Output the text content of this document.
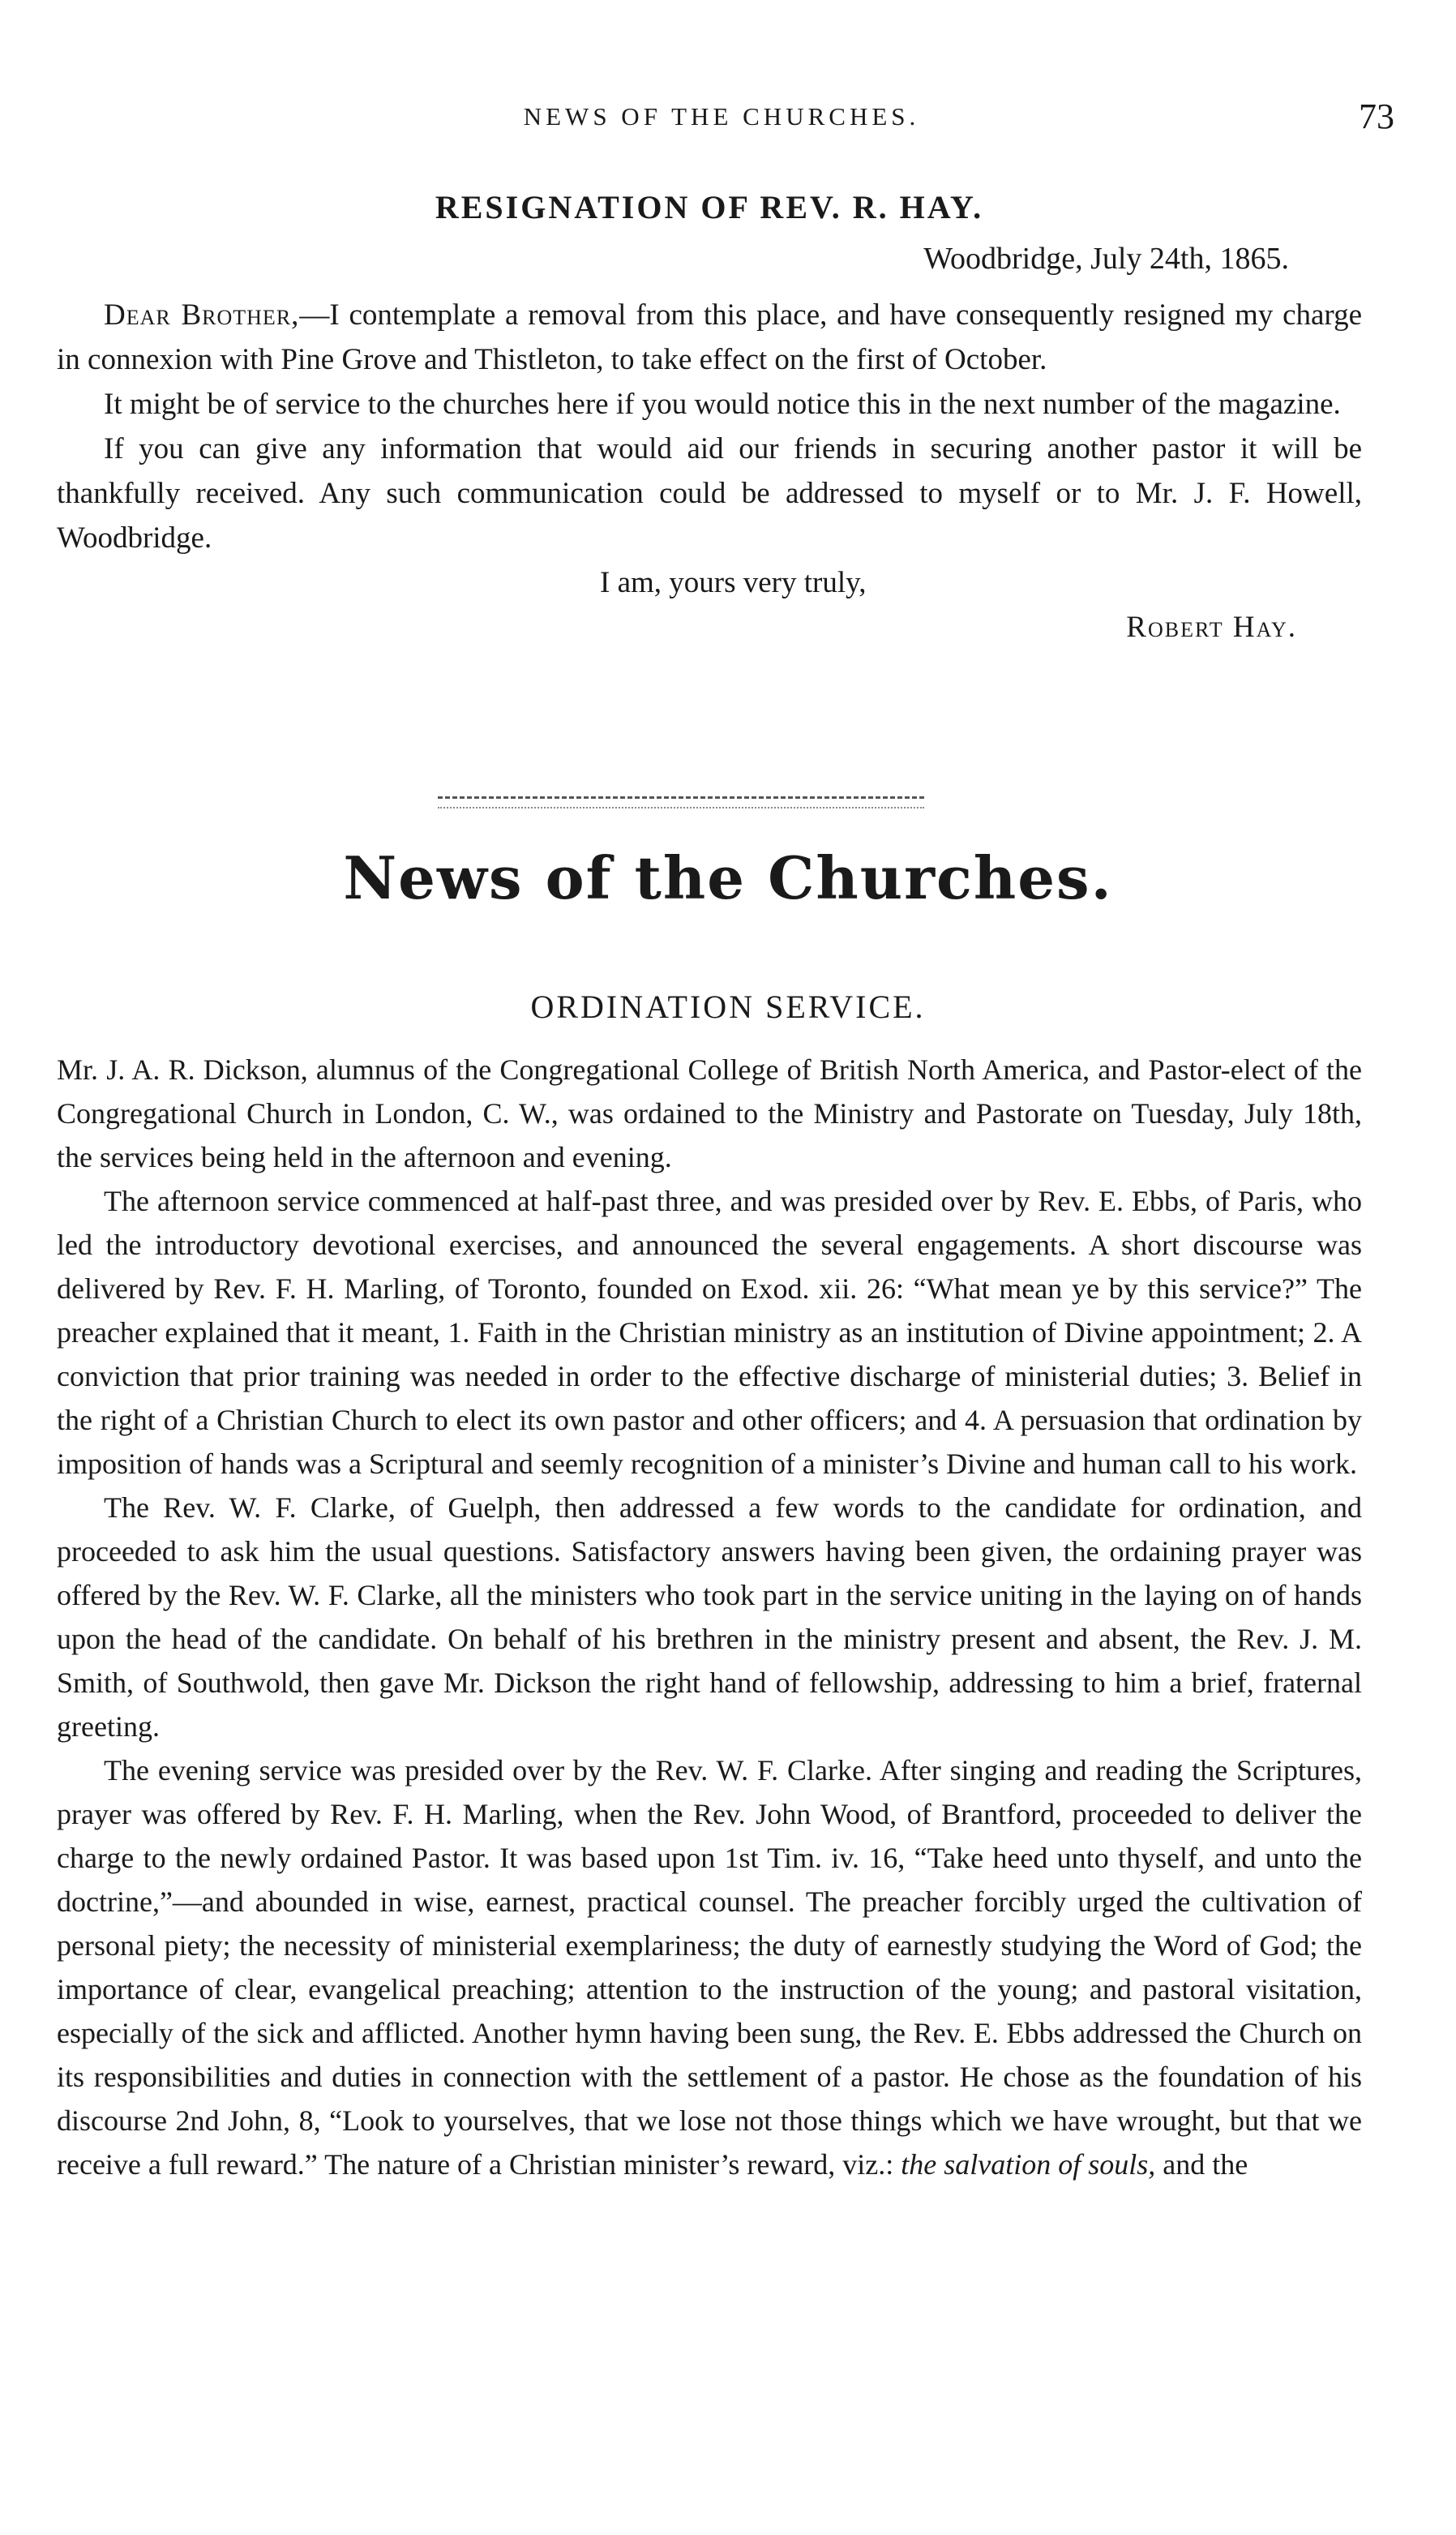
NEWS OF THE CHURCHES.	73
RESIGNATION OF REV. R. HAY.
Woodbridge, July 24th, 1865.

Dear Brother,—I contemplate a removal from this place, and have consequently resigned my charge in connexion with Pine Grove and Thistleton, to take effect on the first of October.

It might be of service to the churches here if you would notice this in the next number of the magazine.

If you can give any information that would aid our friends in securing another pastor it will be thankfully received. Any such communication could be addressed to myself or to Mr. J. F. Howell, Woodbridge.

I am, yours very truly,
Robert Hay.
News of the Churches.
ORDINATION SERVICE.

Mr. J. A. R. Dickson, alumnus of the Congregational College of British North America, and Pastor-elect of the Congregational Church in London, C. W., was ordained to the Ministry and Pastorate on Tuesday, July 18th, the services being held in the afternoon and evening.

The afternoon service commenced at half-past three, and was presided over by Rev. E. Ebbs, of Paris, who led the introductory devotional exercises, and announced the several engagements. A short discourse was delivered by Rev. F. H. Marling, of Toronto, founded on Exod. xii. 26: “What mean ye by this service?” The preacher explained that it meant, 1. Faith in the Christian ministry as an institution of Divine appointment; 2. A conviction that prior training was needed in order to the effective discharge of ministerial duties; 3. Belief in the right of a Christian Church to elect its own pastor and other officers; and 4. A persuasion that ordination by imposition of hands was a Scriptural and seemly recognition of a minister’s Divine and human call to his work.

The Rev. W. F. Clarke, of Guelph, then addressed a few words to the candidate for ordination, and proceeded to ask him the usual questions. Satisfactory answers having been given, the ordaining prayer was offered by the Rev. W. F. Clarke, all the ministers who took part in the service uniting in the laying on of hands upon the head of the candidate. On behalf of his brethren in the ministry present and absent, the Rev. J. M. Smith, of Southwold, then gave Mr. Dickson the right hand of fellowship, addressing to him a brief, fraternal greeting.

The evening service was presided over by the Rev. W. F. Clarke. After singing and reading the Scriptures, prayer was offered by Rev. F. H. Marling, when the Rev. John Wood, of Brantford, proceeded to deliver the charge to the newly ordained Pastor. It was based upon 1st Tim. iv. 16, “Take heed unto thyself, and unto the doctrine,”—and abounded in wise, earnest, practical counsel. The preacher forcibly urged the cultivation of personal piety; the necessity of ministerial exemplariness; the duty of earnestly studying the Word of God; the importance of clear, evangelical preaching; attention to the instruction of the young; and pastoral visitation, especially of the sick and afflicted. Another hymn having been sung, the Rev. E. Ebbs addressed the Church on its responsibilities and duties in connection with the settlement of a pastor. He chose as the foundation of his discourse 2nd John, 8, “Look to yourselves, that we lose not those things which we have wrought, but that we receive a full reward.” The nature of a Christian minister’s reward, viz.: the salvation of souls, and the
